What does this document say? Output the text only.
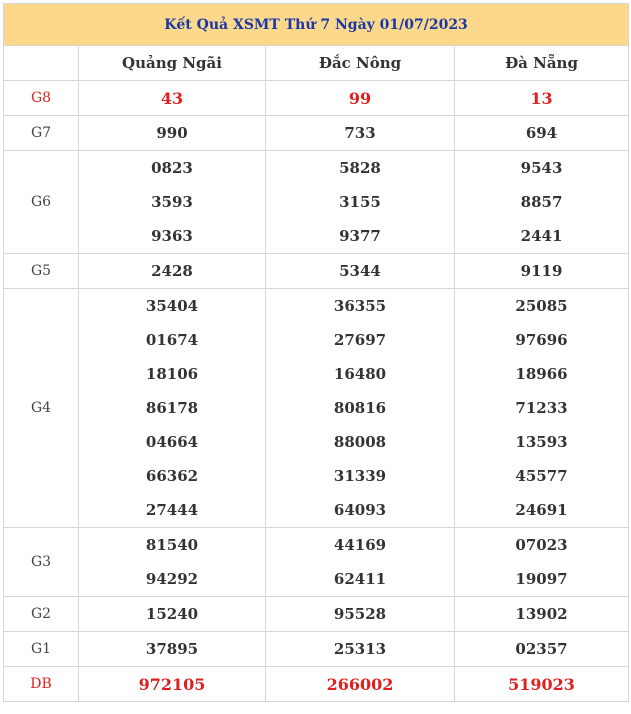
Kết Quả XSMT Thứ 7 Ngày 01/07/2023			
	Quảng Ngãi	Đắc Nông	Đà Nẵng
G8	43	99	13
G7	990	733	694
G6	0823	5828	9543
	3593	3155	8857
	9363	9377	2441
G5	2428	5344	9119
G4	35404	36355	25085
	01674	27697	97696
	18106	16480	18966
	86178	80816	71233
	04664	88008	13593
	66362	31339	45577
	27444	64093	24691
G3	81540	44169	07023
	94292	62411	19097
G2	15240	95528	13902
G1	37895	25313	02357
DB	972105	266002	519023
